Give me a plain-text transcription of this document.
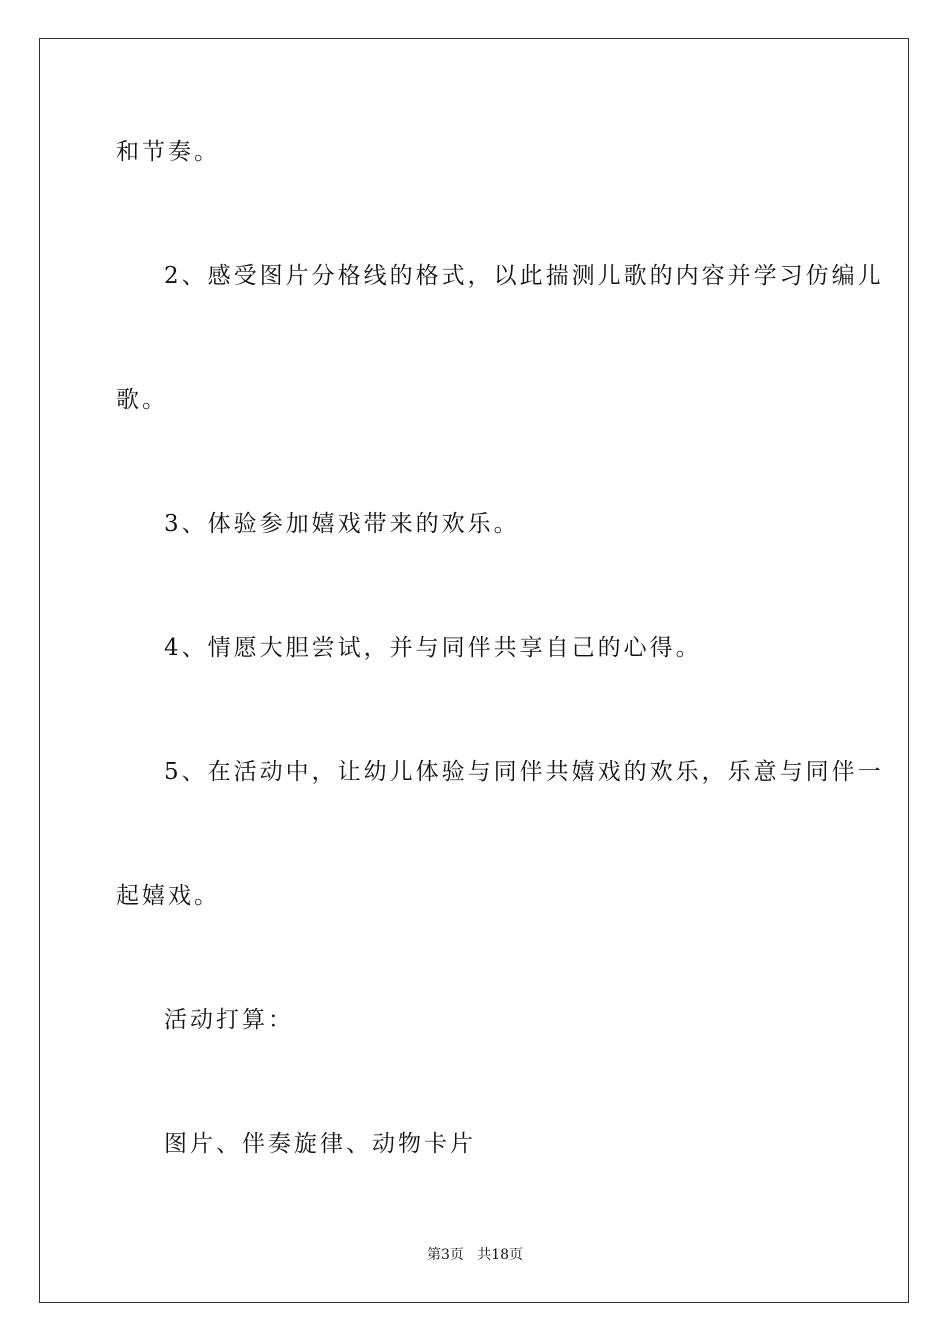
和节奏。
2、感受图片分格线的格式，以此揣测儿歌的内容并学习仿编儿
歌。
3、体验参加嬉戏带来的欢乐。
4、情愿大胆尝试，并与同伴共享自己的心得。
5、在活动中，让幼儿体验与同伴共嬉戏的欢乐，乐意与同伴一
起嬉戏。
活动打算：
图片、伴奏旋律、动物卡片
第3页   共18页
